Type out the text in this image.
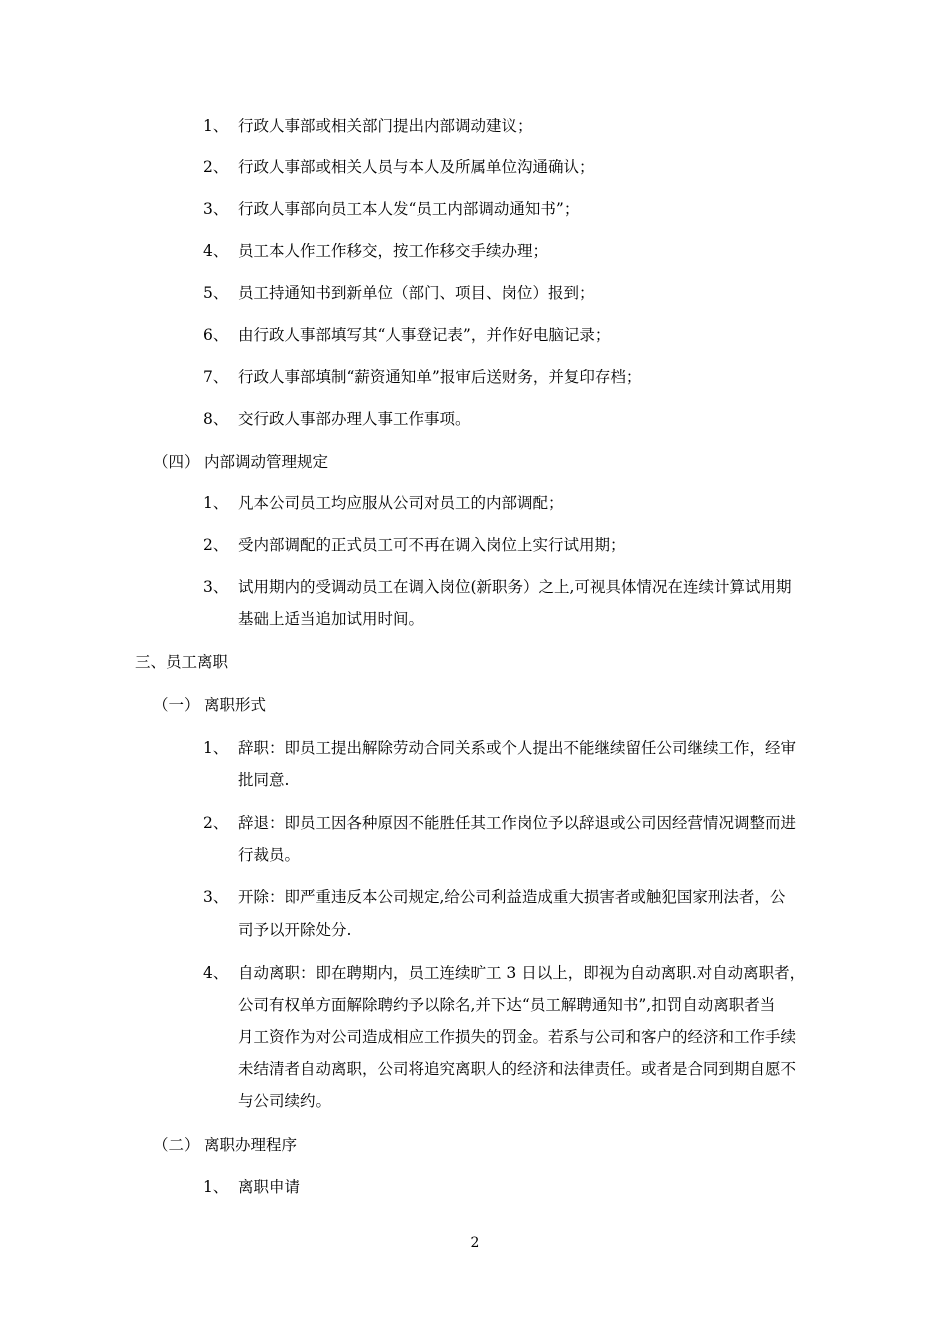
1、 行政人事部或相关部门提出内部调动建议；
2、 行政人事部或相关人员与本人及所属单位沟通确认；
3、 行政人事部向员工本人发“员工内部调动通知书”；
4、 员工本人作工作移交，按工作移交手续办理；
5、 员工持通知书到新单位（部门、项目、岗位）报到；
6、 由行政人事部填写其“人事登记表”，并作好电脑记录；
7、 行政人事部填制“薪资通知单”报审后送财务，并复印存档；
8、 交行政人事部办理人事工作事项。
（四） 内部调动管理规定
1、 凡本公司员工均应服从公司对员工的内部调配；
2、 受内部调配的正式员工可不再在调入岗位上实行试用期；
3、 试用期内的受调动员工在调入岗位(新职务）之上,可视具体情况在连续计算试用期
基础上适当追加试用时间。
三、员工离职
（一） 离职形式
1、 辞职：即员工提出解除劳动合同关系或个人提出不能继续留任公司继续工作，经审
批同意.
2、 辞退：即员工因各种原因不能胜任其工作岗位予以辞退或公司因经营情况调整而进
行裁员。
3、 开除：即严重违反本公司规定,给公司利益造成重大损害者或触犯国家刑法者，公
司予以开除处分.
4、 自动离职：即在聘期内，员工连续旷工 3 日以上，即视为自动离职.对自动离职者，
公司有权单方面解除聘约予以除名,并下达“员工解聘通知书”,扣罚自动离职者当
月工资作为对公司造成相应工作损失的罚金。若系与公司和客户的经济和工作手续
未结清者自动离职，公司将追究离职人的经济和法律责任。或者是合同到期自愿不
与公司续约。
（二） 离职办理程序
1、 离职申请
2
